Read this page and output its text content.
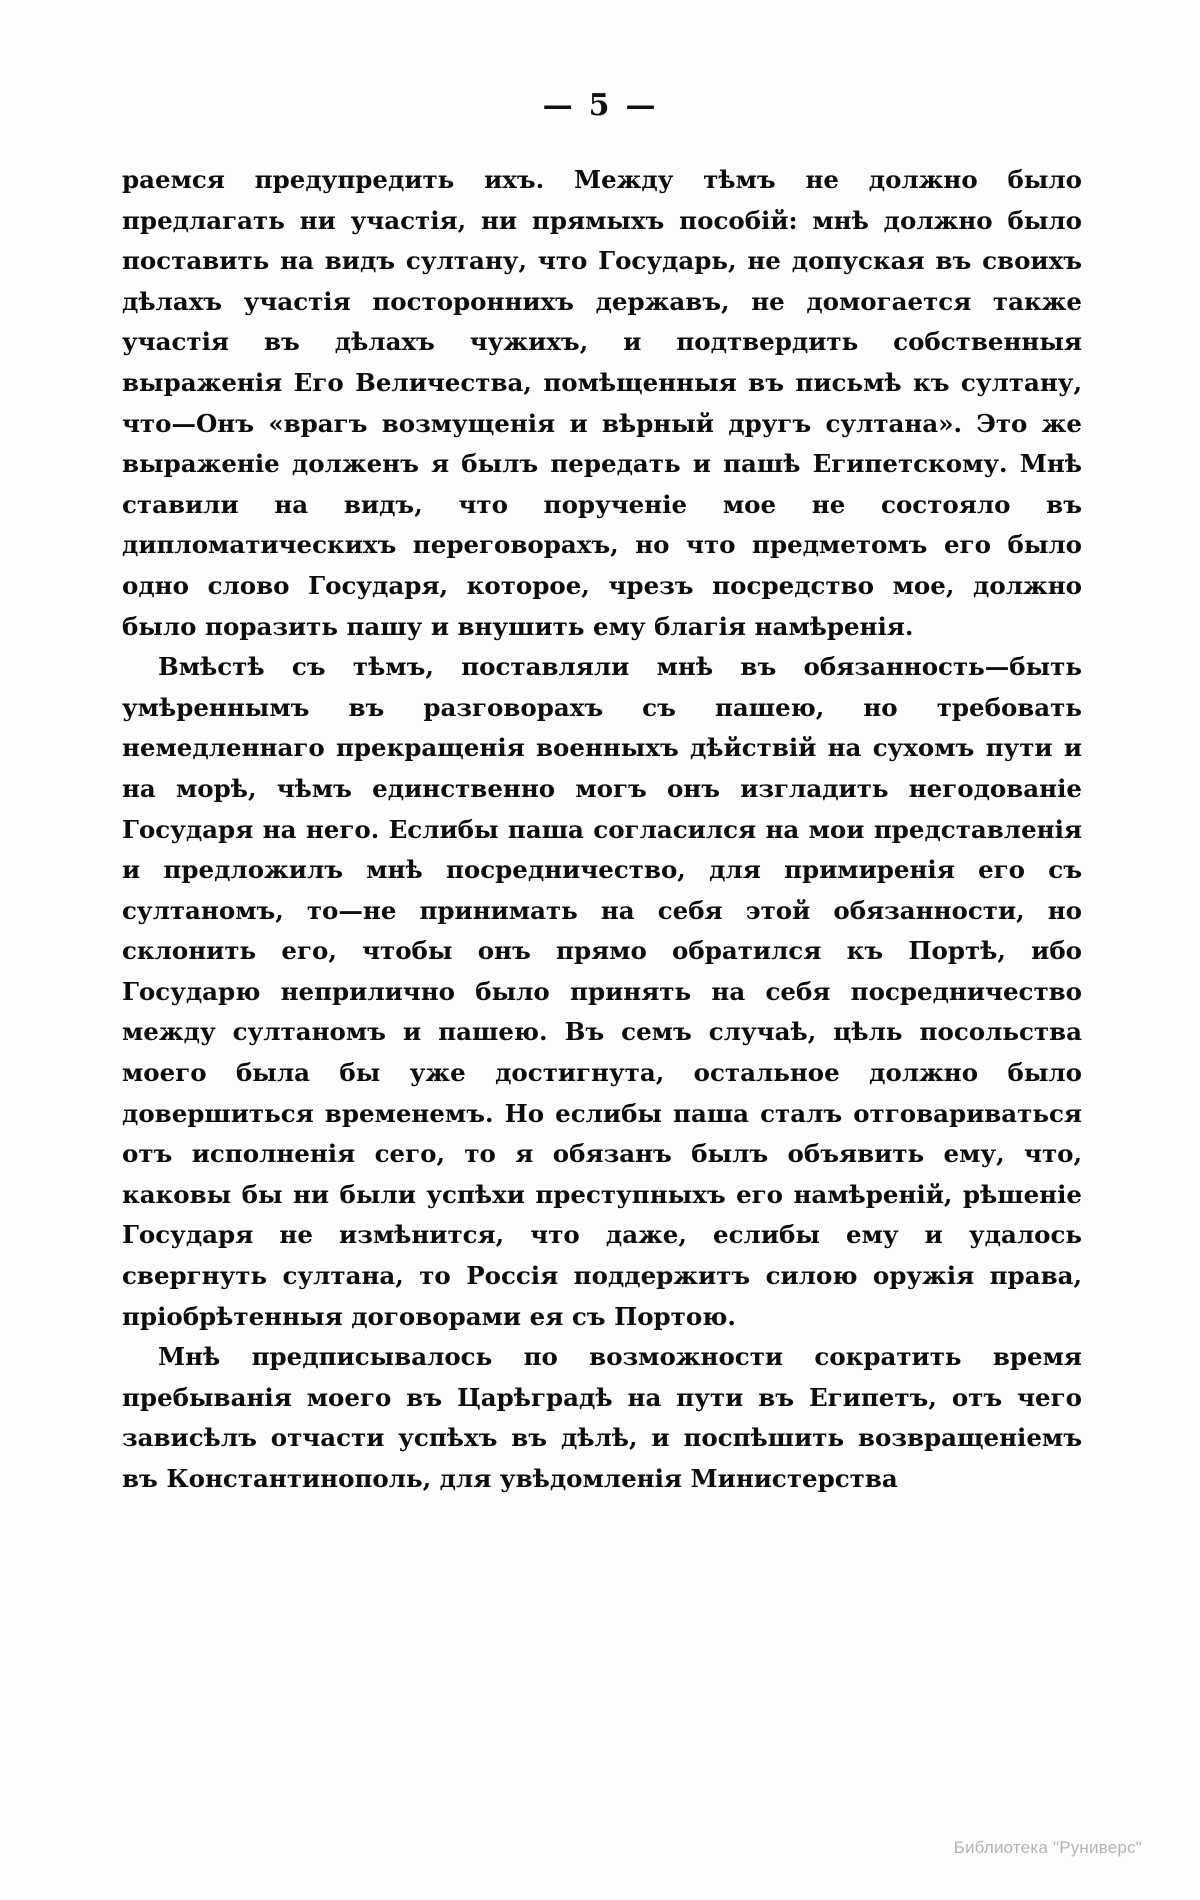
— 5 —

раемся предупредить ихъ. Между тѣмъ не должно было предлагать ни участія, ни прямыхъ пособій: мнѣ должно было поставить на видъ султану, что Государь, не допуская въ своихъ дѣлахъ участія постороннихъ державъ, не домогается также участія въ дѣлахъ чужихъ, и подтвердить собственныя выраженія Его Величества, помѣщенныя въ письмѣ къ султану, что—Онъ «врагъ возмущенія и вѣрный другъ султана». Это же выраженіе долженъ я былъ передать и пашѣ Египетскому. Мнѣ ставили на видъ, что порученіе мое не состояло въ дипломатическихъ переговорахъ, но что предметомъ его было одно слово Государя, которое, чрезъ посредство мое, должно было поразить пашу и внушить ему благія намѣренія.

Вмѣстѣ съ тѣмъ, поставляли мнѣ въ обязанность—быть умѣреннымъ въ разговорахъ съ пашею, но требовать немедленнаго прекращенія военныхъ дѣйствій на сухомъ пути и на морѣ, чѣмъ единственно могъ онъ изгладить негодованіе Государя на него. Еслибы паша согласился на мои представленія и предложилъ мнѣ посредничество, для примиренія его съ султаномъ, то—не принимать на себя этой обязанности, но склонить его, чтобы онъ прямо обратился къ Портѣ, ибо Государю неприлично было принять на себя посредничество между султаномъ и пашею. Въ семъ случаѣ, цѣль посольства моего была бы уже достигнута, остальное должно было довершиться временемъ. Но еслибы паша сталъ отговариваться отъ исполненія сего, то я обязанъ былъ объявить ему, что, каковы бы ни были успѣхи преступныхъ его намѣреній, рѣшеніе Государя не измѣнится, что даже, еслибы ему и удалось свергнуть султана, то Россія поддержитъ силою оружія права, пріобрѣтенныя договорами ея съ Портою.

Мнѣ предписывалось по возможности сократить время пребыванія моего въ Царѣградѣ на пути въ Египетъ, отъ чего зависѣлъ отчасти успѣхъ въ дѣлѣ, и поспѣшить возвращеніемъ въ Константинополь, для увѣдомленія Министерства

Библиотека "Руниверс"
